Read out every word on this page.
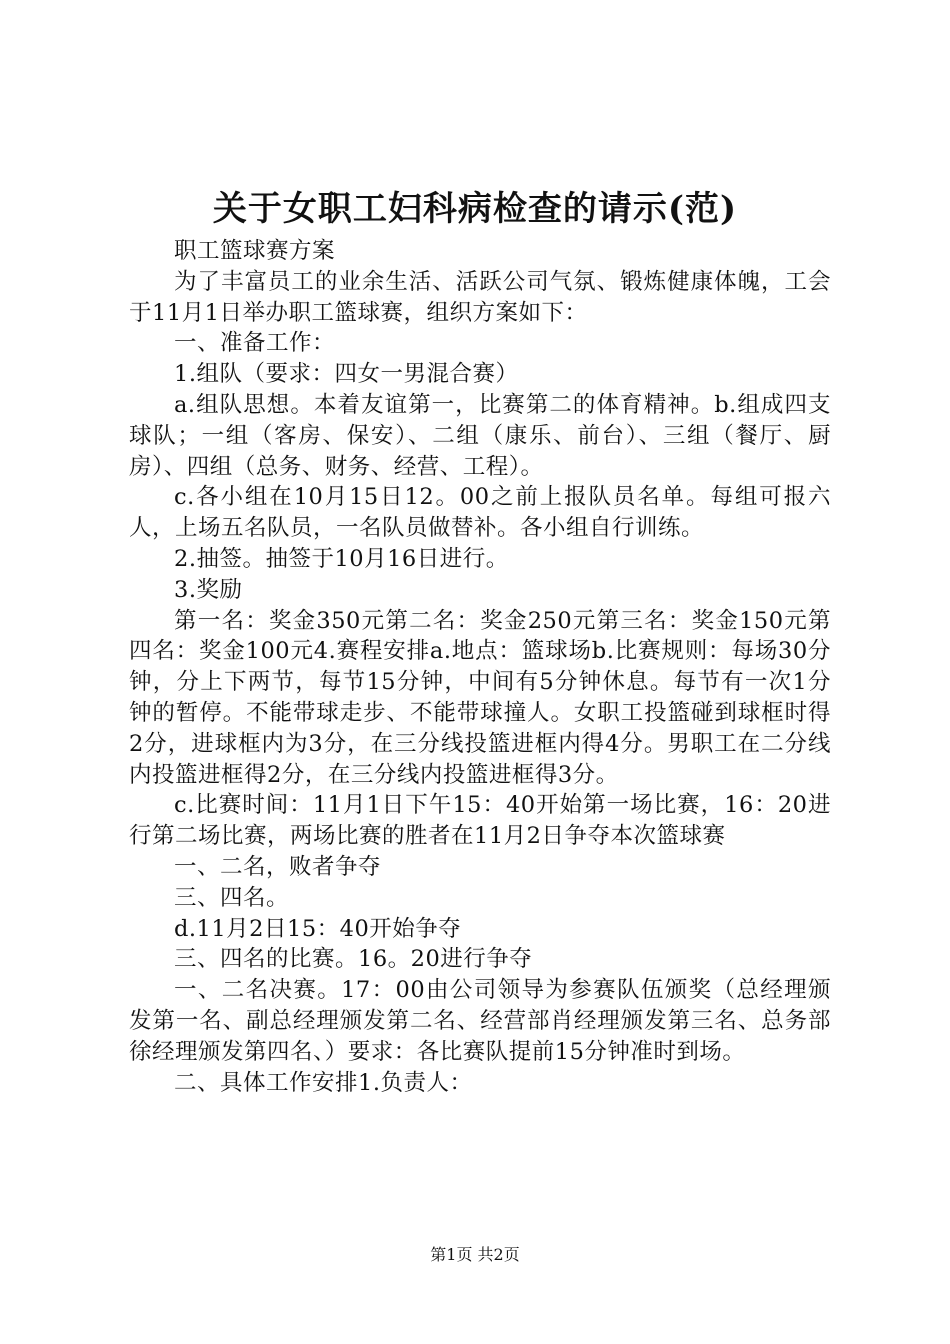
关于女职工妇科病检查的请示(范)

职工篮球赛方案

为了丰富员工的业余生活、活跃公司气氛、锻炼健康体魄，工会于11月1日举办职工篮球赛，组织方案如下：

一、准备工作：

1.组队（要求：四女一男混合赛）

a.组队思想。本着友谊第一，比赛第二的体育精神。b.组成四支球队；一组（客房、保安）、二组（康乐、前台）、三组（餐厅、厨房）、四组（总务、财务、经营、工程）。

c.各小组在10月15日12。00之前上报队员名单。每组可报六人，上场五名队员，一名队员做替补。各小组自行训练。

2.抽签。抽签于10月16日进行。

3.奖励

第一名：奖金350元第二名：奖金250元第三名：奖金150元第四名：奖金100元4.赛程安排a.地点：篮球场b.比赛规则：每场30分钟，分上下两节，每节15分钟，中间有5分钟休息。每节有一次1分钟的暂停。不能带球走步、不能带球撞人。女职工投篮碰到球框时得2分，进球框内为3分，在三分线投篮进框内得4分。男职工在二分线内投篮进框得2分，在三分线内投篮进框得3分。

c.比赛时间：11月1日下午15：40开始第一场比赛，16：20进行第二场比赛，两场比赛的胜者在11月2日争夺本次篮球赛

一、二名，败者争夺

三、四名。

d.11月2日15：40开始争夺

三、四名的比赛。16。20进行争夺

一、二名决赛。17：00由公司领导为参赛队伍颁奖（总经理颁发第一名、副总经理颁发第二名、经营部肖经理颁发第三名、总务部徐经理颁发第四名、）要求：各比赛队提前15分钟准时到场。

二、具体工作安排1.负责人：

第1页 共2页
